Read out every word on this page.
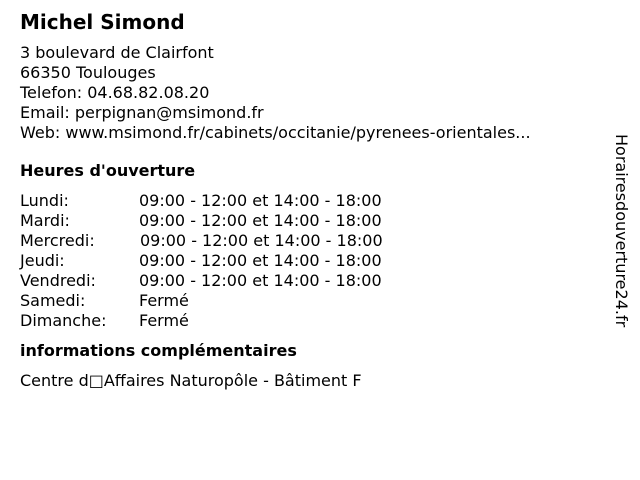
Michel Simond
3 boulevard de Clairfont
66350 Toulouges
Telefon: 04.68.82.08.20
Email: perpignan@msimond.fr
Web: www.msimond.fr/cabinets/occitanie/pyrenees-orientales...
Heures d'ouverture
Lundi:	09:00 - 12:00 et 14:00 - 18:00
Mardi:	09:00 - 12:00 et 14:00 - 18:00
Mercredi:	09:00 - 12:00 et 14:00 - 18:00
Jeudi:	09:00 - 12:00 et 14:00 - 18:00
Vendredi:	09:00 - 12:00 et 14:00 - 18:00
Samedi:	Fermé
Dimanche:	Fermé
informations complémentaires
Centre d□Affaires Naturopôle - Bâtiment F
Horairesdouverture24.fr
